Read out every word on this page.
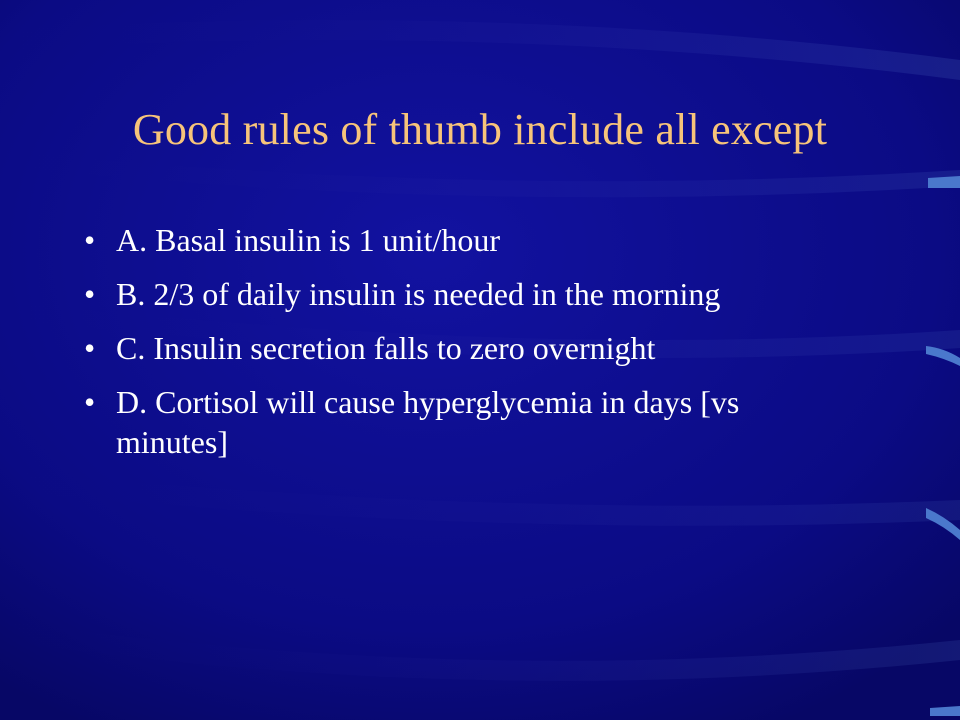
Good rules of thumb include all except
• A. Basal insulin is 1 unit/hour
• B. 2/3 of daily insulin is needed in the morning
• C. Insulin secretion falls to zero overnight
• D. Cortisol will cause hyperglycemia in days [vs minutes]
